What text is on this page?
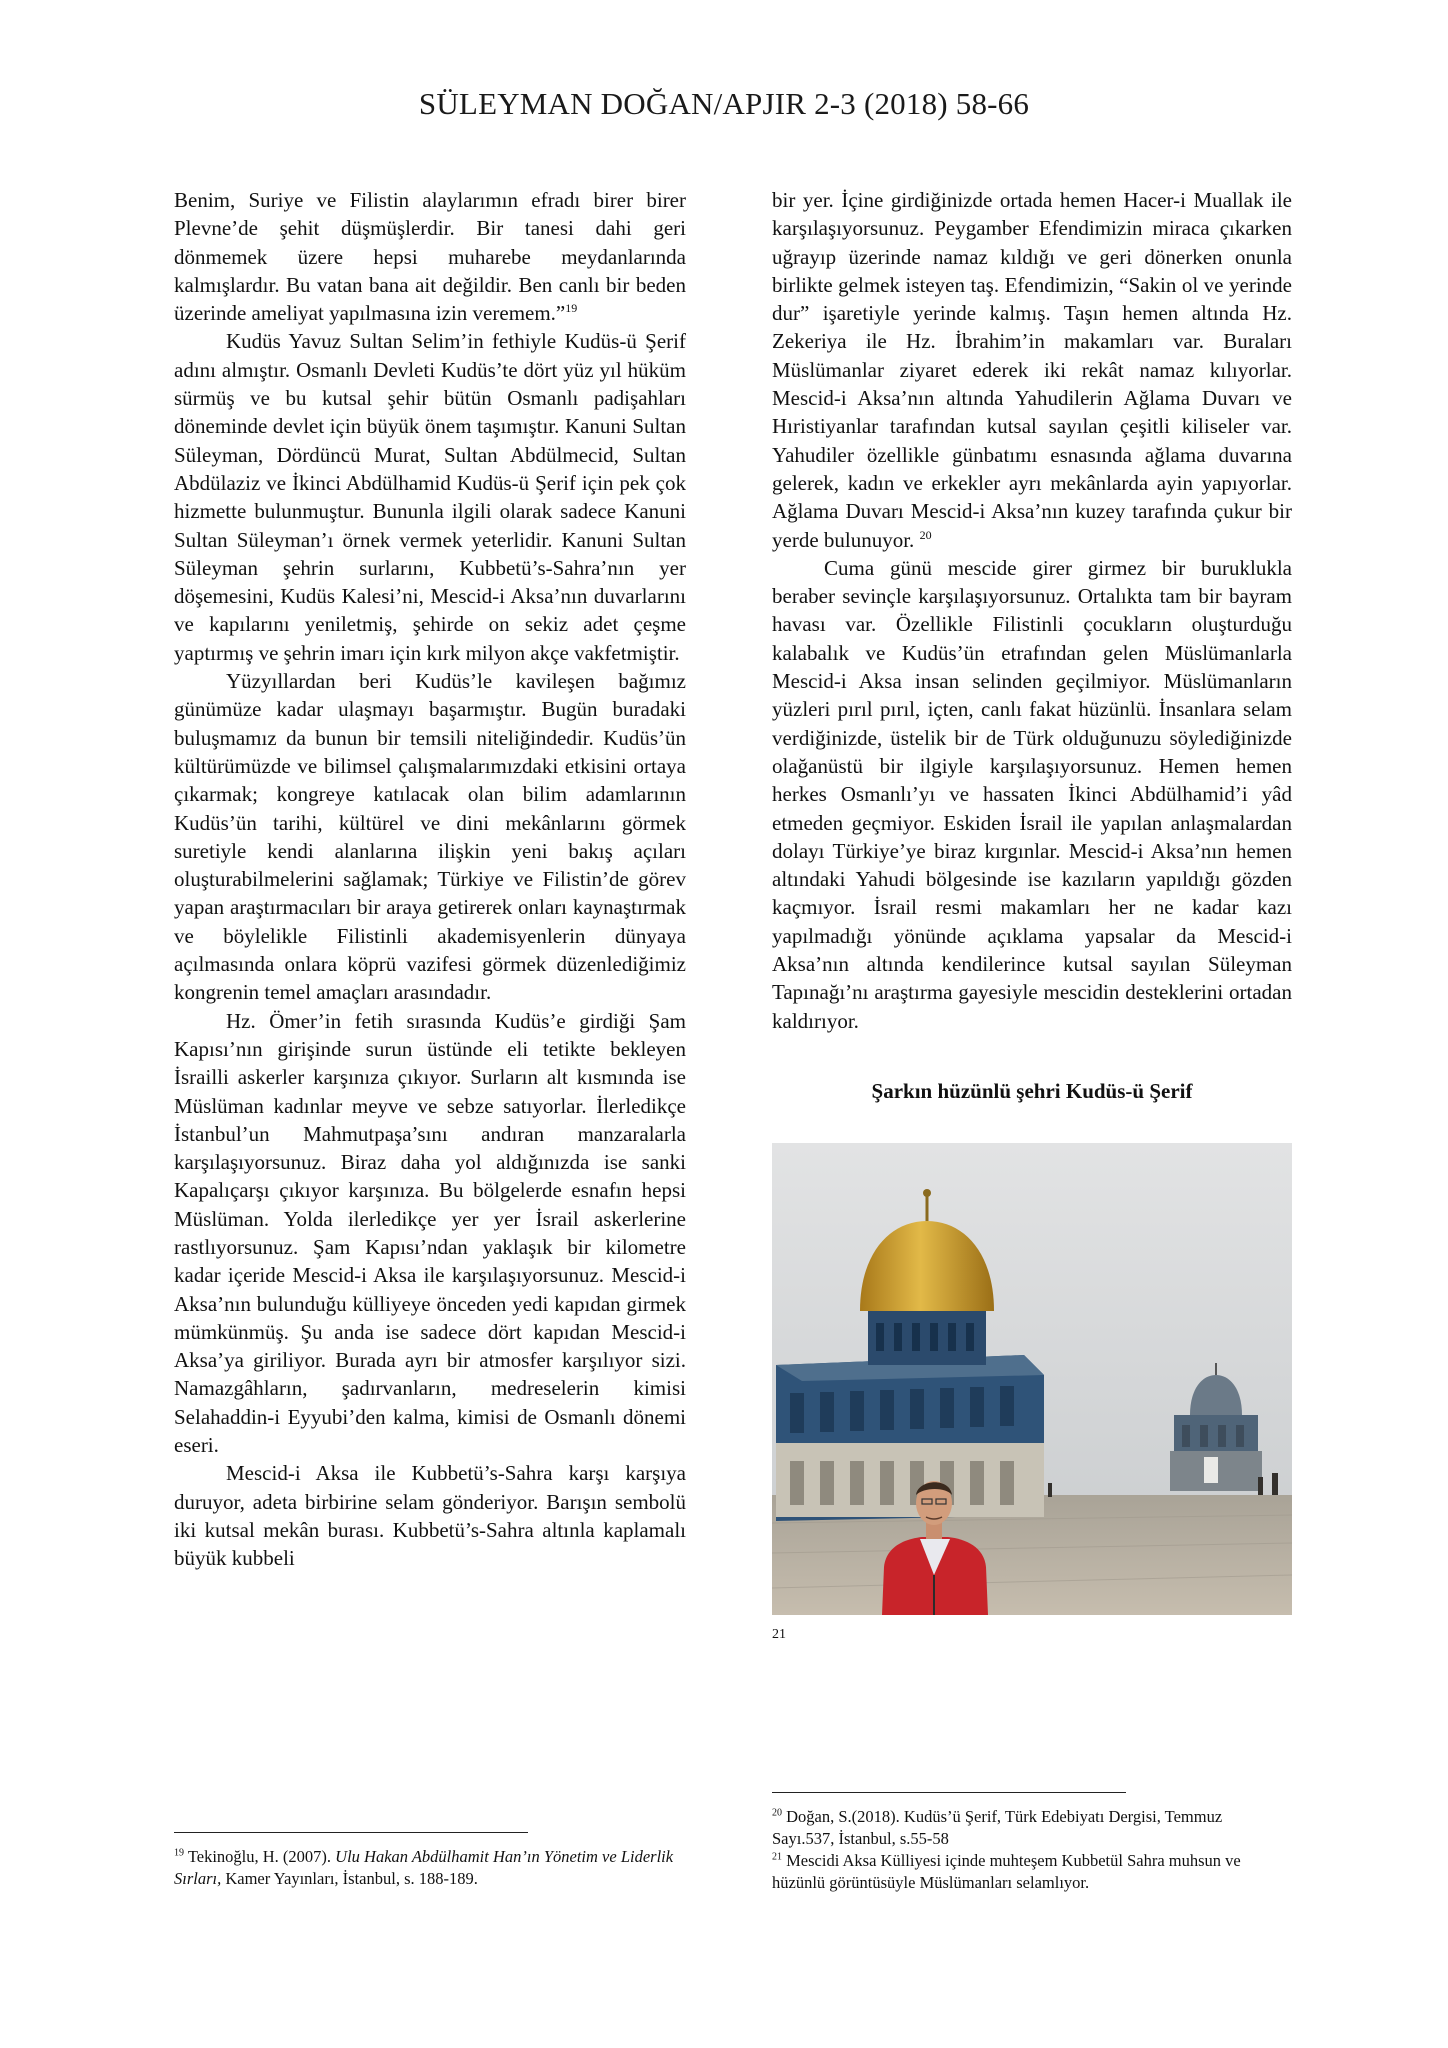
SÜLEYMAN DOĞAN/APJIR 2-3 (2018) 58-66

Benim, Suriye ve Filistin alaylarımın efradı birer birer Plevne’de şehit düşmüşlerdir. Bir tanesi dahi geri dönmemek üzere hepsi muharebe meydanlarında kalmışlardır. Bu vatan bana ait değildir. Ben canlı bir beden üzerinde ameliyat yapılmasına izin veremem.”$^{19}$

Kudüs Yavuz Sultan Selim’in fethiyle Kudüs-ü Şerif adını almıştır. Osmanlı Devleti Kudüs’te dört yüz yıl hüküm sürmüş ve bu kutsal şehir bütün Osmanlı padişahları döneminde devlet için büyük önem taşımıştır. Kanuni Sultan Süleyman, Dördüncü Murat, Sultan Abdülmecid, Sultan Abdülaziz ve İkinci Abdülhamid Kudüs-ü Şerif için pek çok hizmette bulunmuştur. Bununla ilgili olarak sadece Kanuni Sultan Süleyman’ı örnek vermek yeterlidir. Kanuni Sultan Süleyman şehrin surlarını, Kubbetü’s-Sahra’nın yer döşemesini, Kudüs Kalesi’ni, Mescid-i Aksa’nın duvarlarını ve kapılarını yeniletmiş, şehirde on sekiz adet çeşme yaptırmış ve şehrin imarı için kırk milyon akçe vakfetmiştir.

Yüzyıllardan beri Kudüs’le kavileşen bağımız günümüze kadar ulaşmayı başarmıştır. Bugün buradaki buluşmamız da bunun bir temsili niteliğindedir. Kudüs’ün kültürümüzde ve bilimsel çalışmalarımızdaki etkisini ortaya çıkarmak; kongreye katılacak olan bilim adamlarının Kudüs’ün tarihi, kültürel ve dini mekânlarını görmek suretiyle kendi alanlarına ilişkin yeni bakış açıları oluşturabilmelerini sağlamak; Türkiye ve Filistin’de görev yapan araştırmacıları bir araya getirerek onları kaynaştırmak ve böylelikle Filistinli akademisyenlerin dünyaya açılmasında onlara köprü vazifesi görmek düzenlediğimiz kongrenin temel amaçları arasındadır.

Hz. Ömer’in fetih sırasında Kudüs’e girdiği Şam Kapısı’nın girişinde surun üstünde eli tetikte bekleyen İsrailli askerler karşınıza çıkıyor. Surların alt kısmında ise Müslüman kadınlar meyve ve sebze satıyorlar. İlerledikçe İstanbul’un Mahmutpaşa’sını andıran manzaralarla karşılaşıyorsunuz. Biraz daha yol aldığınızda ise sanki Kapalıçarşı çıkıyor karşınıza. Bu bölgelerde esnafın hepsi Müslüman. Yolda ilerledikçe yer yer İsrail askerlerine rastlıyorsunuz. Şam Kapısı’ndan yaklaşık bir kilometre kadar içeride Mescid-i Aksa ile karşılaşıyorsunuz. Mescid-i Aksa’nın bulunduğu külliyeye önceden yedi kapıdan girmek mümkünmüş. Şu anda ise sadece dört kapıdan Mescid-i Aksa’ya giriliyor. Burada ayrı bir atmosfer karşılıyor sizi. Namazgâhların, şadırvanların, medreselerin kimisi Selahaddin-i Eyyubi’den kalma, kimisi de Osmanlı dönemi eseri.

Mescid-i Aksa ile Kubbetü’s-Sahra karşı karşıya duruyor, adeta birbirine selam gönderiyor. Barışın sembolü iki kutsal mekân burası. Kubbetü’s-Sahra altınla kaplamalı büyük kubbeli

bir yer. İçine girdiğinizde ortada hemen Hacer-i Muallak ile karşılaşıyorsunuz. Peygamber Efendimizin miraca çıkarken uğrayıp üzerinde namaz kıldığı ve geri dönerken onunla birlikte gelmek isteyen taş. Efendimizin, “Sakin ol ve yerinde dur” işaretiyle yerinde kalmış. Taşın hemen altında Hz. Zekeriya ile Hz. İbrahim’in makamları var. Buraları Müslümanlar ziyaret ederek iki rekât namaz kılıyorlar. Mescid-i Aksa’nın altında Yahudilerin Ağlama Duvarı ve Hıristiyanlar tarafından kutsal sayılan çeşitli kiliseler var. Yahudiler özellikle günbatımı esnasında ağlama duvarına gelerek, kadın ve erkekler ayrı mekânlarda ayin yapıyorlar. Ağlama Duvarı Mescid-i Aksa’nın kuzey tarafında çukur bir yerde bulunuyor. $^{20}$

Cuma günü mescide girer girmez bir buruklukla beraber sevinçle karşılaşıyorsunuz. Ortalıkta tam bir bayram havası var. Özellikle Filistinli çocukların oluşturduğu kalabalık ve Kudüs’ün etrafından gelen Müslümanlarla Mescid-i Aksa insan selinden geçilmiyor. Müslümanların yüzleri pırıl pırıl, içten, canlı fakat hüzünlü. İnsanlara selam verdiğinizde, üstelik bir de Türk olduğunuzu söylediğinizde olağanüstü bir ilgiyle karşılaşıyorsunuz. Hemen hemen herkes Osmanlı’yı ve hassaten İkinci Abdülhamid’i yâd etmeden geçmiyor. Eskiden İsrail ile yapılan anlaşmalardan dolayı Türkiye’ye biraz kırgınlar. Mescid-i Aksa’nın hemen altındaki Yahudi bölgesinde ise kazıların yapıldığı gözden kaçmıyor. İsrail resmi makamları her ne kadar kazı yapılmadığı yönünde açıklama yapsalar da Mescid-i Aksa’nın altında kendilerince kutsal sayılan Süleyman Tapınağı’nı araştırma gayesiyle mescidin desteklerini ortadan kaldırıyor.

Şarkın hüzünlü şehri Kudüs-ü Şerif

21

$^{19}$ Tekinoğlu, H. (2007). Ulu Hakan Abdülhamit Han’ın Yönetim ve Liderlik Sırları, Kamer Yayınları, İstanbul, s. 188-189.

$^{20}$ Doğan, S.(2018). Kudüs’ü Şerif, Türk Edebiyatı Dergisi, Temmuz Sayı.537, İstanbul, s.55-58

$^{21}$ Mescidi Aksa Külliyesi içinde muhteşem Kubbetül Sahra muhsun ve hüzünlü görüntüsüyle Müslümanları selamlıyor.
